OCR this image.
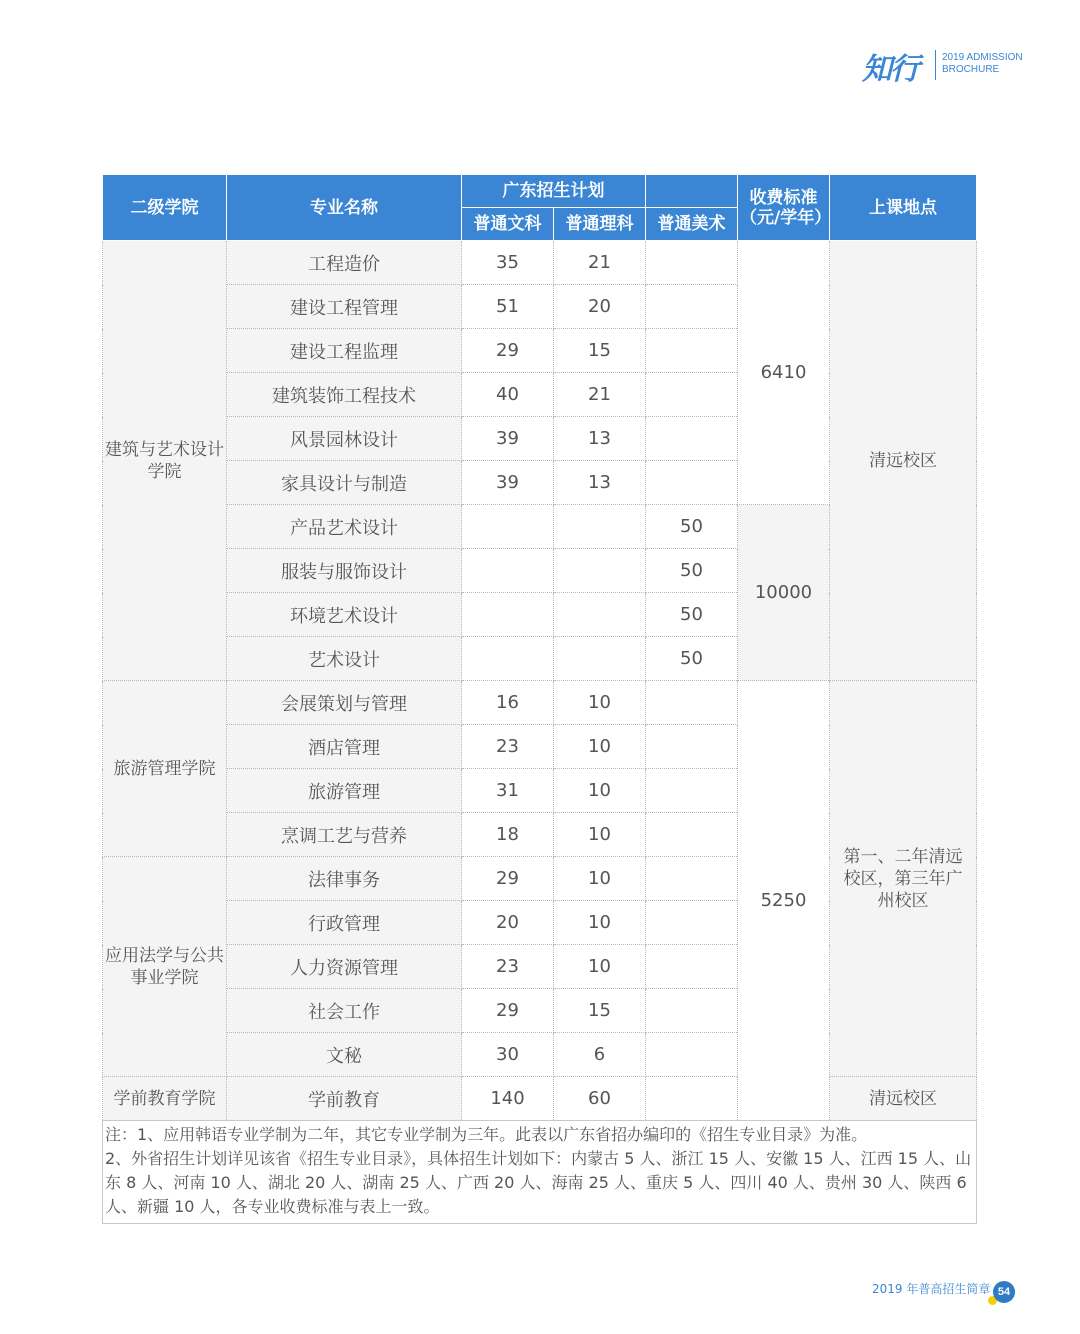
知行	2019 ADMISSION
BROCHURE
二级学院	专业名称	广东招生计划			收费标准（元/学年）	上课地点
		普通文科	普通理科	普通美术		
建筑与艺术设计学院	工程造价	35	21		6410	清远校区
	建设工程管理	51	20			
	建设工程监理	29	15			
	建筑装饰工程技术	40	21			
	风景园林设计	39	13			
	家具设计与制造	39	13			
	产品艺术设计			50	10000	
	服装与服饰设计			50		
	环境艺术设计			50		
	艺术设计			50		
旅游管理学院	会展策划与管理	16	10		5250	第一、二年清远校区，第三年广州校区
	酒店管理	23	10			
	旅游管理	31	10			
	烹调工艺与营养	18	10			
应用法学与公共事业学院	法律事务	29	10			
	行政管理	20	10			
	人力资源管理	23	10			
	社会工作	29	15			
	文秘	30	6			
学前教育学院	学前教育	140	60			清远校区
注：1、应用韩语专业学制为二年，其它专业学制为三年。此表以广东省招办编印的《招生专业目录》为准。
2、外省招生计划详见该省《招生专业目录》，具体招生计划如下：内蒙古 5 人、浙江 15 人、安徽 15 人、江西 15 人、山东 8 人、河南 10 人、湖北 20 人、湖南 25 人、广西 20 人、海南 25 人、重庆 5 人、四川 40 人、贵州 30 人、陕西 6 人、新疆 10 人，各专业收费标准与表上一致。						
2019 年普高招生简章 54
